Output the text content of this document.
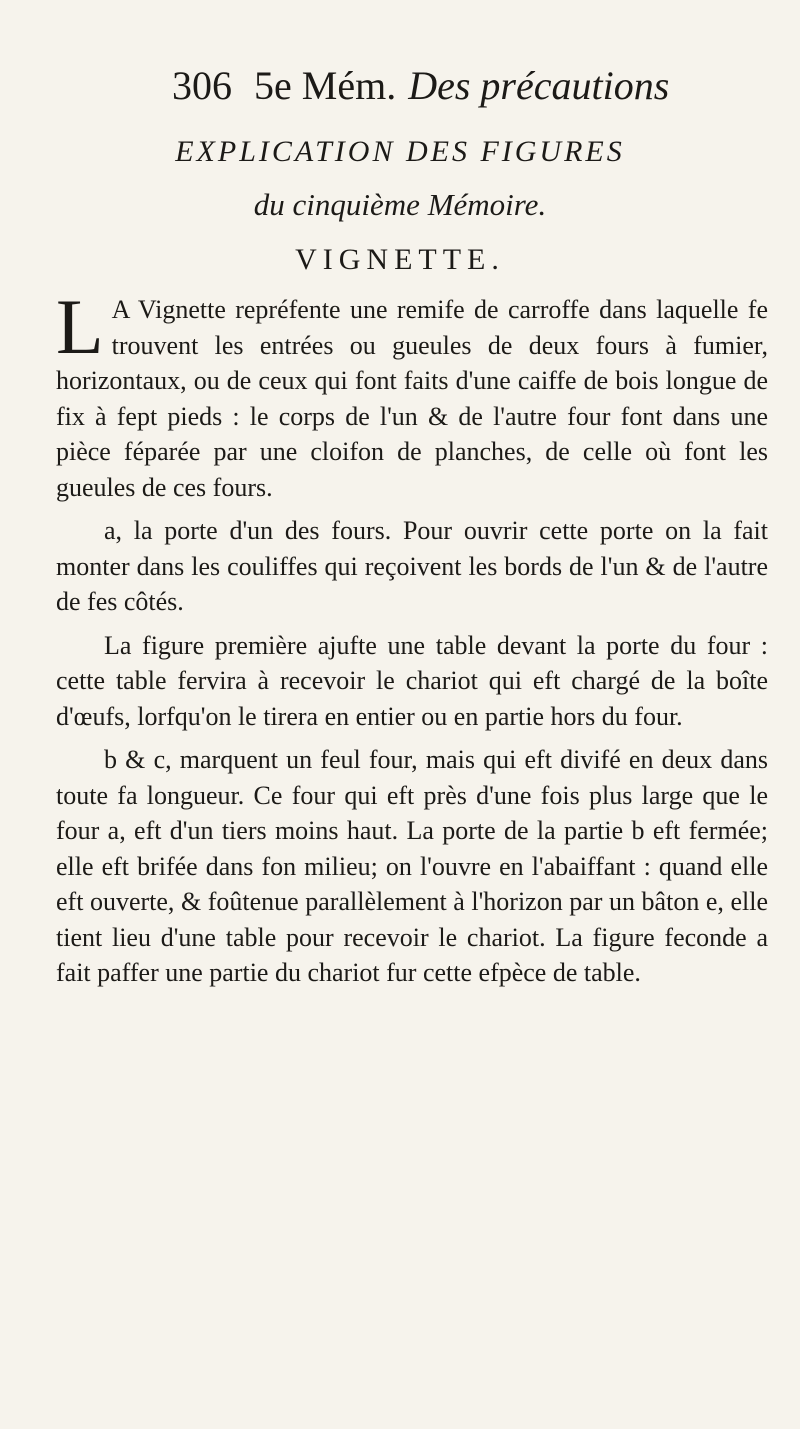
306 5e Mém. Des précautions
EXPLICATION DES FIGURES
du cinquième Mémoire.
VIGNETTE.

L A Vignette repréfente une remife de carroffe dans laquelle fe trouvent les entrées ou gueules de deux fours à fumier, horizontaux, ou de ceux qui font faits d'une caiffe de bois longue de fix à fept pieds : le corps de l'un & de l'autre four font dans une pièce féparée par une cloifon de planches, de celle où font les gueules de ces fours.

a, la porte d'un des fours. Pour ouvrir cette porte on la fait monter dans les couliffes qui reçoivent les bords de l'un & de l'autre de fes côtés.

La figure première ajufte une table devant la porte du four : cette table fervira à recevoir le chariot qui eft chargé de la boîte d'œufs, lorfqu'on le tirera en entier ou en partie hors du four.

b & c, marquent un feul four, mais qui eft divifé en deux dans toute fa longueur. Ce four qui eft près d'une fois plus large que le four a, eft d'un tiers moins haut. La porte de la partie b eft fermée; elle eft brifée dans fon milieu; on l'ouvre en l'abaiffant : quand elle eft ouverte, & foûtenue parallèlement à l'horizon par un bâton e, elle tient lieu d'une table pour recevoir le chariot. La figure feconde a fait paffer une partie du chariot fur cette efpèce de table.
